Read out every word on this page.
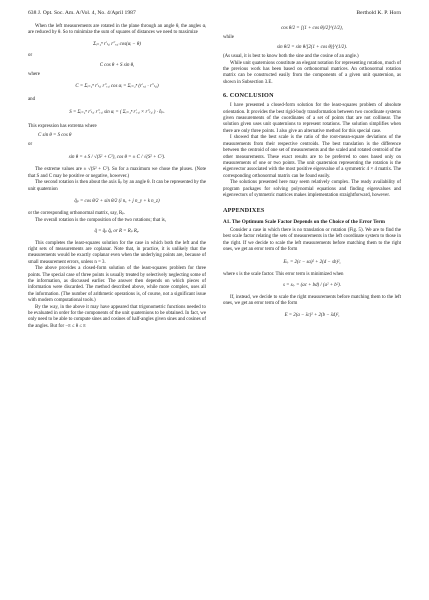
638 J. Opt. Soc. Am. A/Vol. 4, No. 4/April 1987	Berthold K. P. Horn

When the left measurements are rotated in the plane through an angle θ, the angles αᵢ are reduced by θ. So to minimize the sum of squares of distances we need to maximize

Σᵢ₌₁ⁿ r′ₗ,ᵢ r″ᵣ,ᵢ cos(αᵢ − θ)

or

C cos θ + S sin θ,

where

C = Σᵢ₌₁ⁿ r′ₗ,ᵢ r″ᵣ,ᵢ cos αᵢ = Σᵢ₌₁ⁿ (r′ᵣ,ᵢ · r″ₗ,ᵢ)

and

S = Σᵢ₌₁ⁿ r′ₗ,ᵢ r″ᵣ,ᵢ sin αᵢ = ( Σᵢ₌₁ⁿ r′ᵣ,ᵢ × r″ₗ,ᵢ ) · n̂ₚ.

This expression has extrema where

C sin θ = S cos θ

or

sin θ = ± S / √(S² + C²), cos θ = ± C / √(S² + C²).

The extreme values are ± √(S² + C²). So for a maximum we chose the pluses. (Note that S and C may be positive or negative, however.)

The second rotation is then about the axis n̂ₚ by an angle θ. It can be represented by the unit quaternion

q̊ₚ = cos θ/2 + sin θ/2 (i nₓ + j n_y + k n_z)

or the corresponding orthonormal matrix, say, Rₚ.

The overall rotation is the composition of the two rotations; that is,

q̊ = q̊ₚ q̊ₐ or R = Rₚ Rₐ.

This completes the least-squares solution for the case in which both the left and the right sets of measurements are coplanar. Note that, in practice, it is unlikely that the measurements would be exactly coplanar even when the underlying points are, because of small measurement errors, unless n = 3.

The above provides a closed-form solution of the least-squares problem for three points. The special case of three points is usually treated by selectively neglecting some of the information, as discussed earlier. The answer then depends on which pieces of information were discarded. The method described above, while more complex, uses all the information. (The number of arithmetic operations is, of course, not a significant issue with modern computational tools.)

By the way, in the above it may have appeared that trigonometric functions needed to be evaluated in order for the components of the unit quaternions to be obtained. In fact, we only need to be able to compute sines and cosines of half-angles given sines and cosines of the angles. But for −π ≤ θ ≤ π

cos θ/2 = [(1 + cos θ)/2]^(1/2),

while

sin θ/2 = sin θ/[2(1 + cos θ)]^(1/2).

(As usual, it is best to know both the sine and the cosine of an angle.)

While unit quaternions constitute an elegant notation for representing rotation, much of the previous work has been based on orthonormal matrices. An orthonormal rotation matrix can be constructed easily from the components of a given unit quaternion, as shown in Subsection 3.E.

6. CONCLUSION

I have presented a closed-form solution for the least-squares problem of absolute orientation. It provides the best rigid-body transformation between two coordinate systems given measurements of the coordinates of a set of points that are not collinear. The solution given uses unit quaternions to represent rotations. The solution simplifies when there are only three points. I also give an alternative method for this special case.

I showed that the best scale is the ratio of the root-mean-square deviations of the measurements from their respective centroids. The best translation is the difference between the centroid of one set of measurements and the scaled and rotated centroid of the other measurements. These exact results are to be preferred to ones based only on measurements of one or two points. The unit quaternion representing the rotation is the eigenvector associated with the most positive eigenvalue of a symmetric 4 × 4 matrix. The corresponding orthonormal matrix can be found easily.

The solutions presented here may seem relatively complex. The ready availability of program packages for solving polynomial equations and finding eigenvalues and eigenvectors of symmetric matrices makes implementation straightforward, however.

APPENDIXES
A1. The Optimum Scale Factor Depends on the Choice of the Error Term

Consider a case in which there is no translation or rotation (Fig. 5). We are to find the best scale factor relating the sets of measurements in the left coordinate system to those in the right. If we decide to scale the left measurements before matching them to the right ones, we get an error term of the form

Eₗᵣ = 2(c − sa)² + 2(d − sb)²,

where s is the scale factor. This error term is minimized when

s = sₗᵣ = (ac + bd) / (a² + b²).

If, instead, we decide to scale the right measurements before matching them to the left ones, we get an error term of the form

E = 2(a − s̄c)² + 2(b − s̄d)²,
